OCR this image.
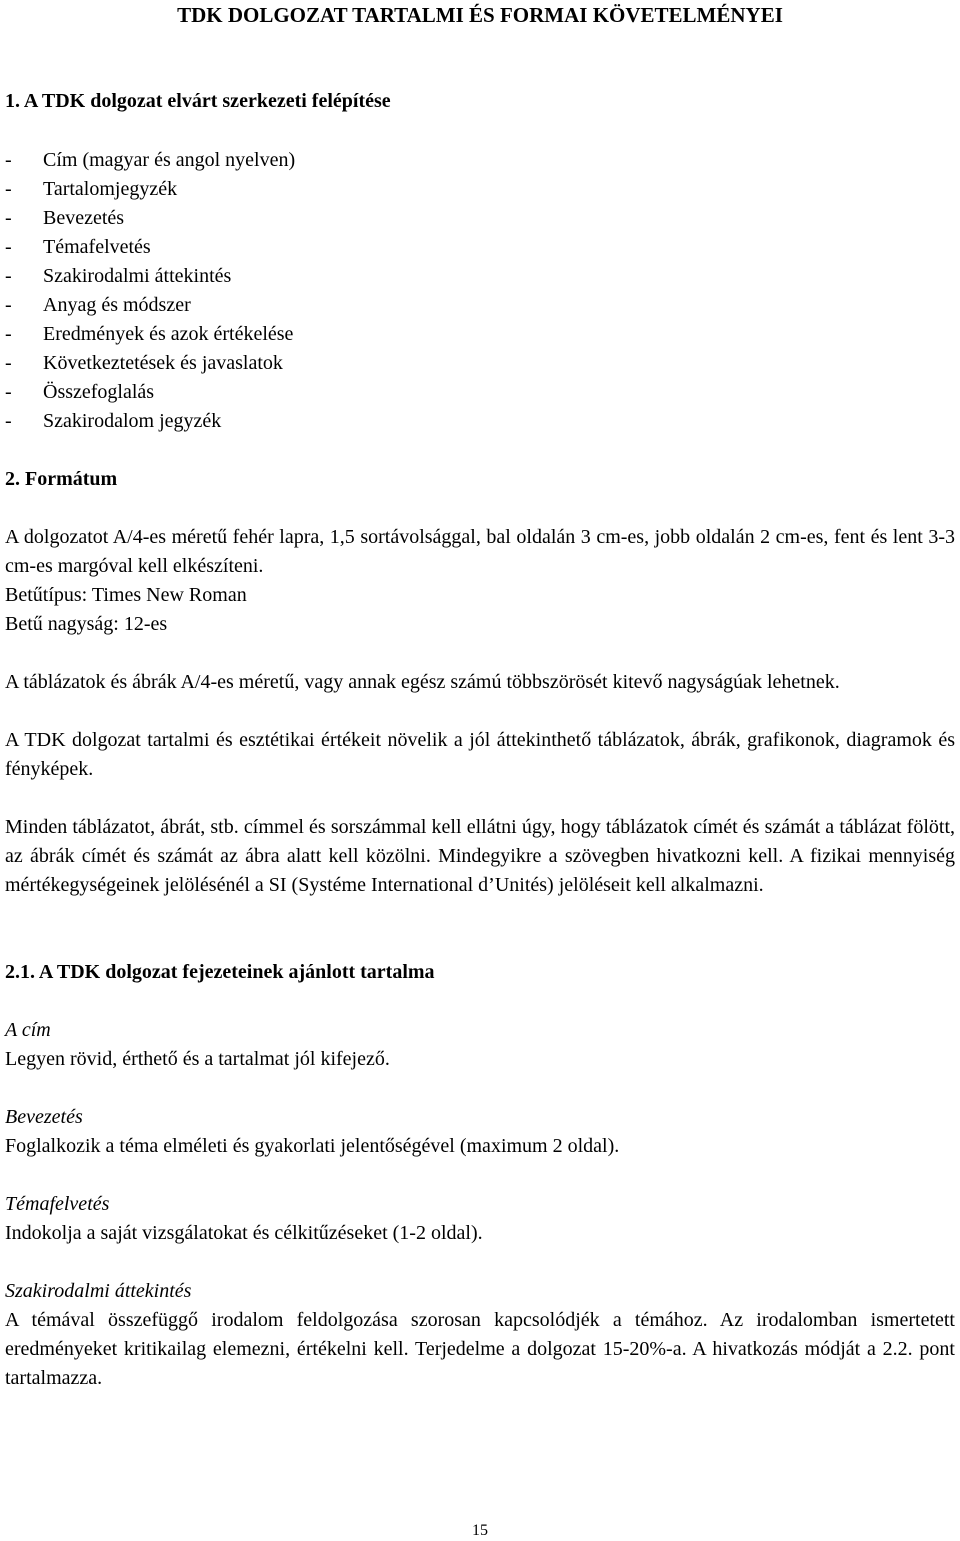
TDK DOLGOZAT TARTALMI ÉS FORMAI KÖVETELMÉNYEI
1. A TDK dolgozat elvárt szerkezeti felépítése
- Cím (magyar és angol nyelven)
- Tartalomjegyzék
- Bevezetés
- Témafelvetés
- Szakirodalmi áttekintés
- Anyag és módszer
- Eredmények és azok értékelése
- Következtetések és javaslatok
- Összefoglalás
- Szakirodalom jegyzék
2. Formátum

A dolgozatot A/4-es méretű fehér lapra, 1,5 sortávolsággal, bal oldalán 3 cm-es, jobb oldalán 2 cm-es, fent és lent 3-3 cm-es margóval kell elkészíteni.

Betűtípus: Times New Roman

Betű nagyság: 12-es

A táblázatok és ábrák A/4-es méretű, vagy annak egész számú többszörösét kitevő nagyságúak lehetnek.

A TDK dolgozat tartalmi és esztétikai értékeit növelik a jól áttekinthető táblázatok, ábrák, grafikonok, diagramok és fényképek.

Minden táblázatot, ábrát, stb. címmel és sorszámmal kell ellátni úgy, hogy táblázatok címét és számát a táblázat fölött, az ábrák címét és számát az ábra alatt kell közölni. Mindegyikre a szövegben hivatkozni kell. A fizikai mennyiség mértékegységeinek jelölésénél a SI (Systéme International d’Unités) jelöléseit kell alkalmazni.

2.1. A TDK dolgozat fejezeteinek ajánlott tartalma

A cím

Legyen rövid, érthető és a tartalmat jól kifejező.

Bevezetés

Foglalkozik a téma elméleti és gyakorlati jelentőségével (maximum 2 oldal).

Témafelvetés

Indokolja a saját vizsgálatokat és célkitűzéseket (1-2 oldal).

Szakirodalmi áttekintés

A témával összefüggő irodalom feldolgozása szorosan kapcsolódjék a témához. Az irodalomban ismertetett eredményeket kritikailag elemezni, értékelni kell. Terjedelme a dolgozat 15-20%-a. A hivatkozás módját a 2.2. pont tartalmazza.

15
